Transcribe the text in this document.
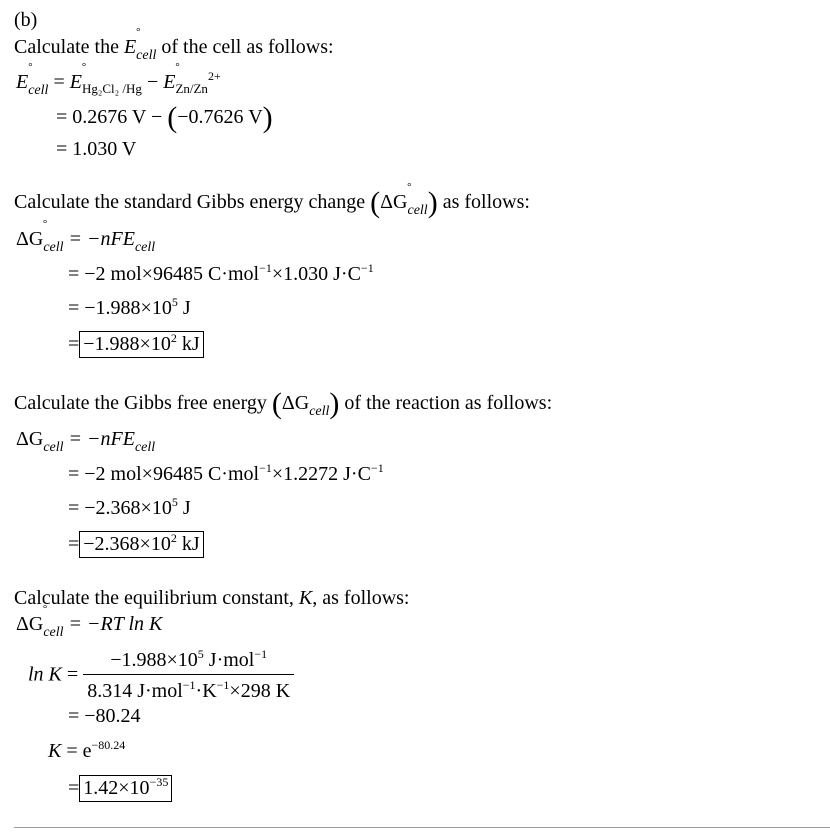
(b)
Calculate the E $^\circ_{cell}$ of the cell as follows:
E $^\circ_{cell} = E$ $^\circ_{Hg_2Cl_2 /Hg} - E$ $^\circ_{Zn/Zn}^{2+}$
= 0.2676 V − (−0.7626 V)
= 1.030 V
Calculate the standard Gibbs energy change (ΔG $^\circ_{cell}$) as follows:
ΔG $^\circ_{cell} = -nFE_{cell}$
= −2 mol×96485 C·mol$^{-1}$×1.030 $J\cdot C^{-1}$
= $-1.988\times 10^5$ J
= $-1.988\times 10^2$ kJ
Calculate the Gibbs free energy $(\Delta G_{cell})$ of the reaction as follows:
$\Delta G_{cell} = -nFE_{cell}$
= −2 mol×96485 C·mol$^{-1}$×1.2272 $J\cdot C^{-1}$
= $-2.368\times 10^5$ J
= $-2.368\times 10^2$ kJ
Calculate the equilibrium constant, K, as follows:
ΔG $^\circ_{cell} = -RT$ ln K
$\ln K = \frac{-1.988\times 10^5 J\cdot mol^{-1}}{8.314 J\cdot mol^{-1}\cdot K^{-1}\times 298 K}$
= −80.24
$K = e^{-80.24}$
= $1.42\times 10^{-35}$
